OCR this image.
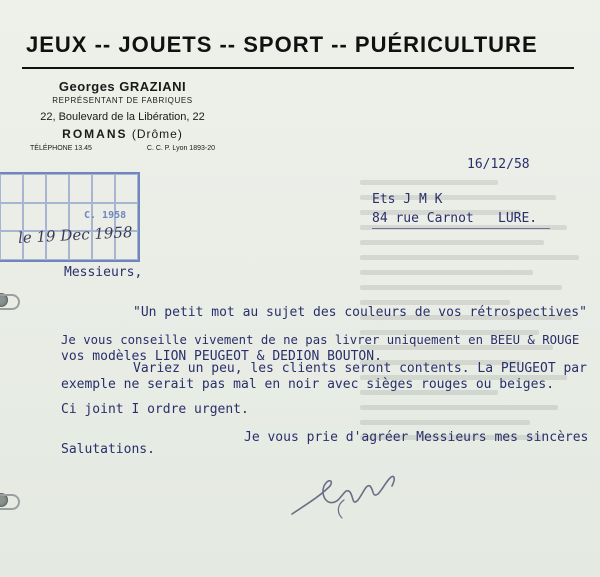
JEUX -- JOUETS -- SPORT -- PUÉRICULTURE
Georges GRAZIANI
REPRÉSENTANT DE FABRIQUES
22, Boulevard de la Libération, 22
ROMANS (Drôme)
TÉLÉPHONE 13.45	C. C. P. Lyon 1893-20
C. 1958
le 19 Dec 1958
16/12/58
Ets J M K
84 rue Carnot LURE.
Messieurs,
"Un petit mot au sujet des couleurs de vos rétrospectives"
Je vous conseille vivement de ne pas livrer uniquement en BEEU & ROUGE
vos modèles LION PEUGEOT & DEDION BOUTON.
Variez un peu, les clients seront contents. La PEUGEOT par
exemple ne serait pas mal en noir avec sièges rouges ou beiges.
Ci joint I ordre urgent.
Je vous prie d'agréer Messieurs mes sincères
Salutations.
